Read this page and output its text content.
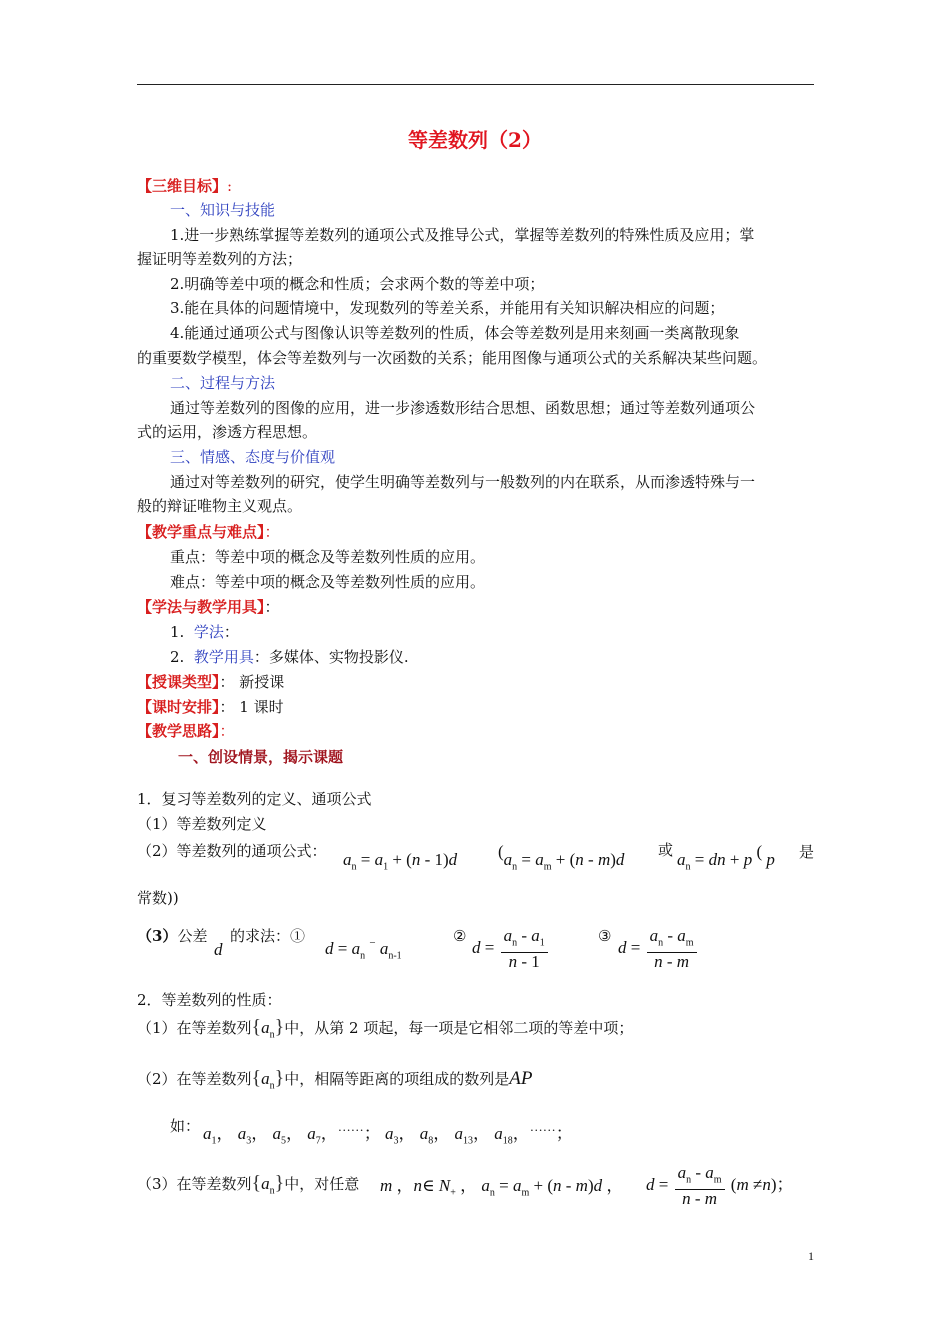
等差数列（2）
【三维目标】:
一、知识与技能
1.进一步熟练掌握等差数列的通项公式及推导公式，掌握等差数列的特殊性质及应用；掌
握证明等差数列的方法；
2.明确等差中项的概念和性质；会求两个数的等差中项；
3.能在具体的问题情境中，发现数列的等差关系，并能用有关知识解决相应的问题；
4.能通过通项公式与图像认识等差数列的性质，体会等差数列是用来刻画一类离散现象
的重要数学模型，体会等差数列与一次函数的关系；能用图像与通项公式的关系解决某些问题。
二、过程与方法
通过等差数列的图像的应用，进一步渗透数形结合思想、函数思想；通过等差数列通项公
式的运用，渗透方程思想。
三、情感、态度与价值观
通过对等差数列的研究，使学生明确等差数列与一般数列的内在联系，从而渗透特殊与一
般的辩证唯物主义观点。
【教学重点与难点】：
重点：等差中项的概念及等差数列性质的应用。
难点：等差中项的概念及等差数列性质的应用。
【学法与教学用具】：
1. 学法：
2. 教学用具：多媒体、实物投影仪.
【授课类型】： 新授课
【课时安排】： 1 课时
【教学思路】：
一、创设情景，揭示课题
1．复习等差数列的定义、通项公式
（1）等差数列定义
（2）等差数列的通项公式： $a_n = a_1 + (n - 1)d$ ($a_n = a_m + (n - m)d$ 或 $a_n$ = dn + p ( p 是
常数))
（3）公差
d
的求法：①
$d = a_n$ − $a_{n-1}$
②
$d = \frac{a_n - a_1}{n - 1}$	③
$d = \frac{a_n - a_m}{n - m}$
2．等差数列的性质：
（1）在等差数列$\{a_n\}$中，从第 2 项起，每一项是它相邻二项的等差中项；
（2）在等差数列$\{a_n\}$中，相隔等距离的项组成的数列是AP
如： $a_1$， $a_3$， $a_5$， $a_7$，……； $a_3$， $a_8$， $a_{13}$， $a_{18}$，……；
（3）在等差数列$\{a_n\}$中，对任意 m ，n∈ $N_+$ ， $a_n = a_m + (n - m)d$ ， $d = \frac{a_n - a_m}{n - m} (m \ne n)$；
1
